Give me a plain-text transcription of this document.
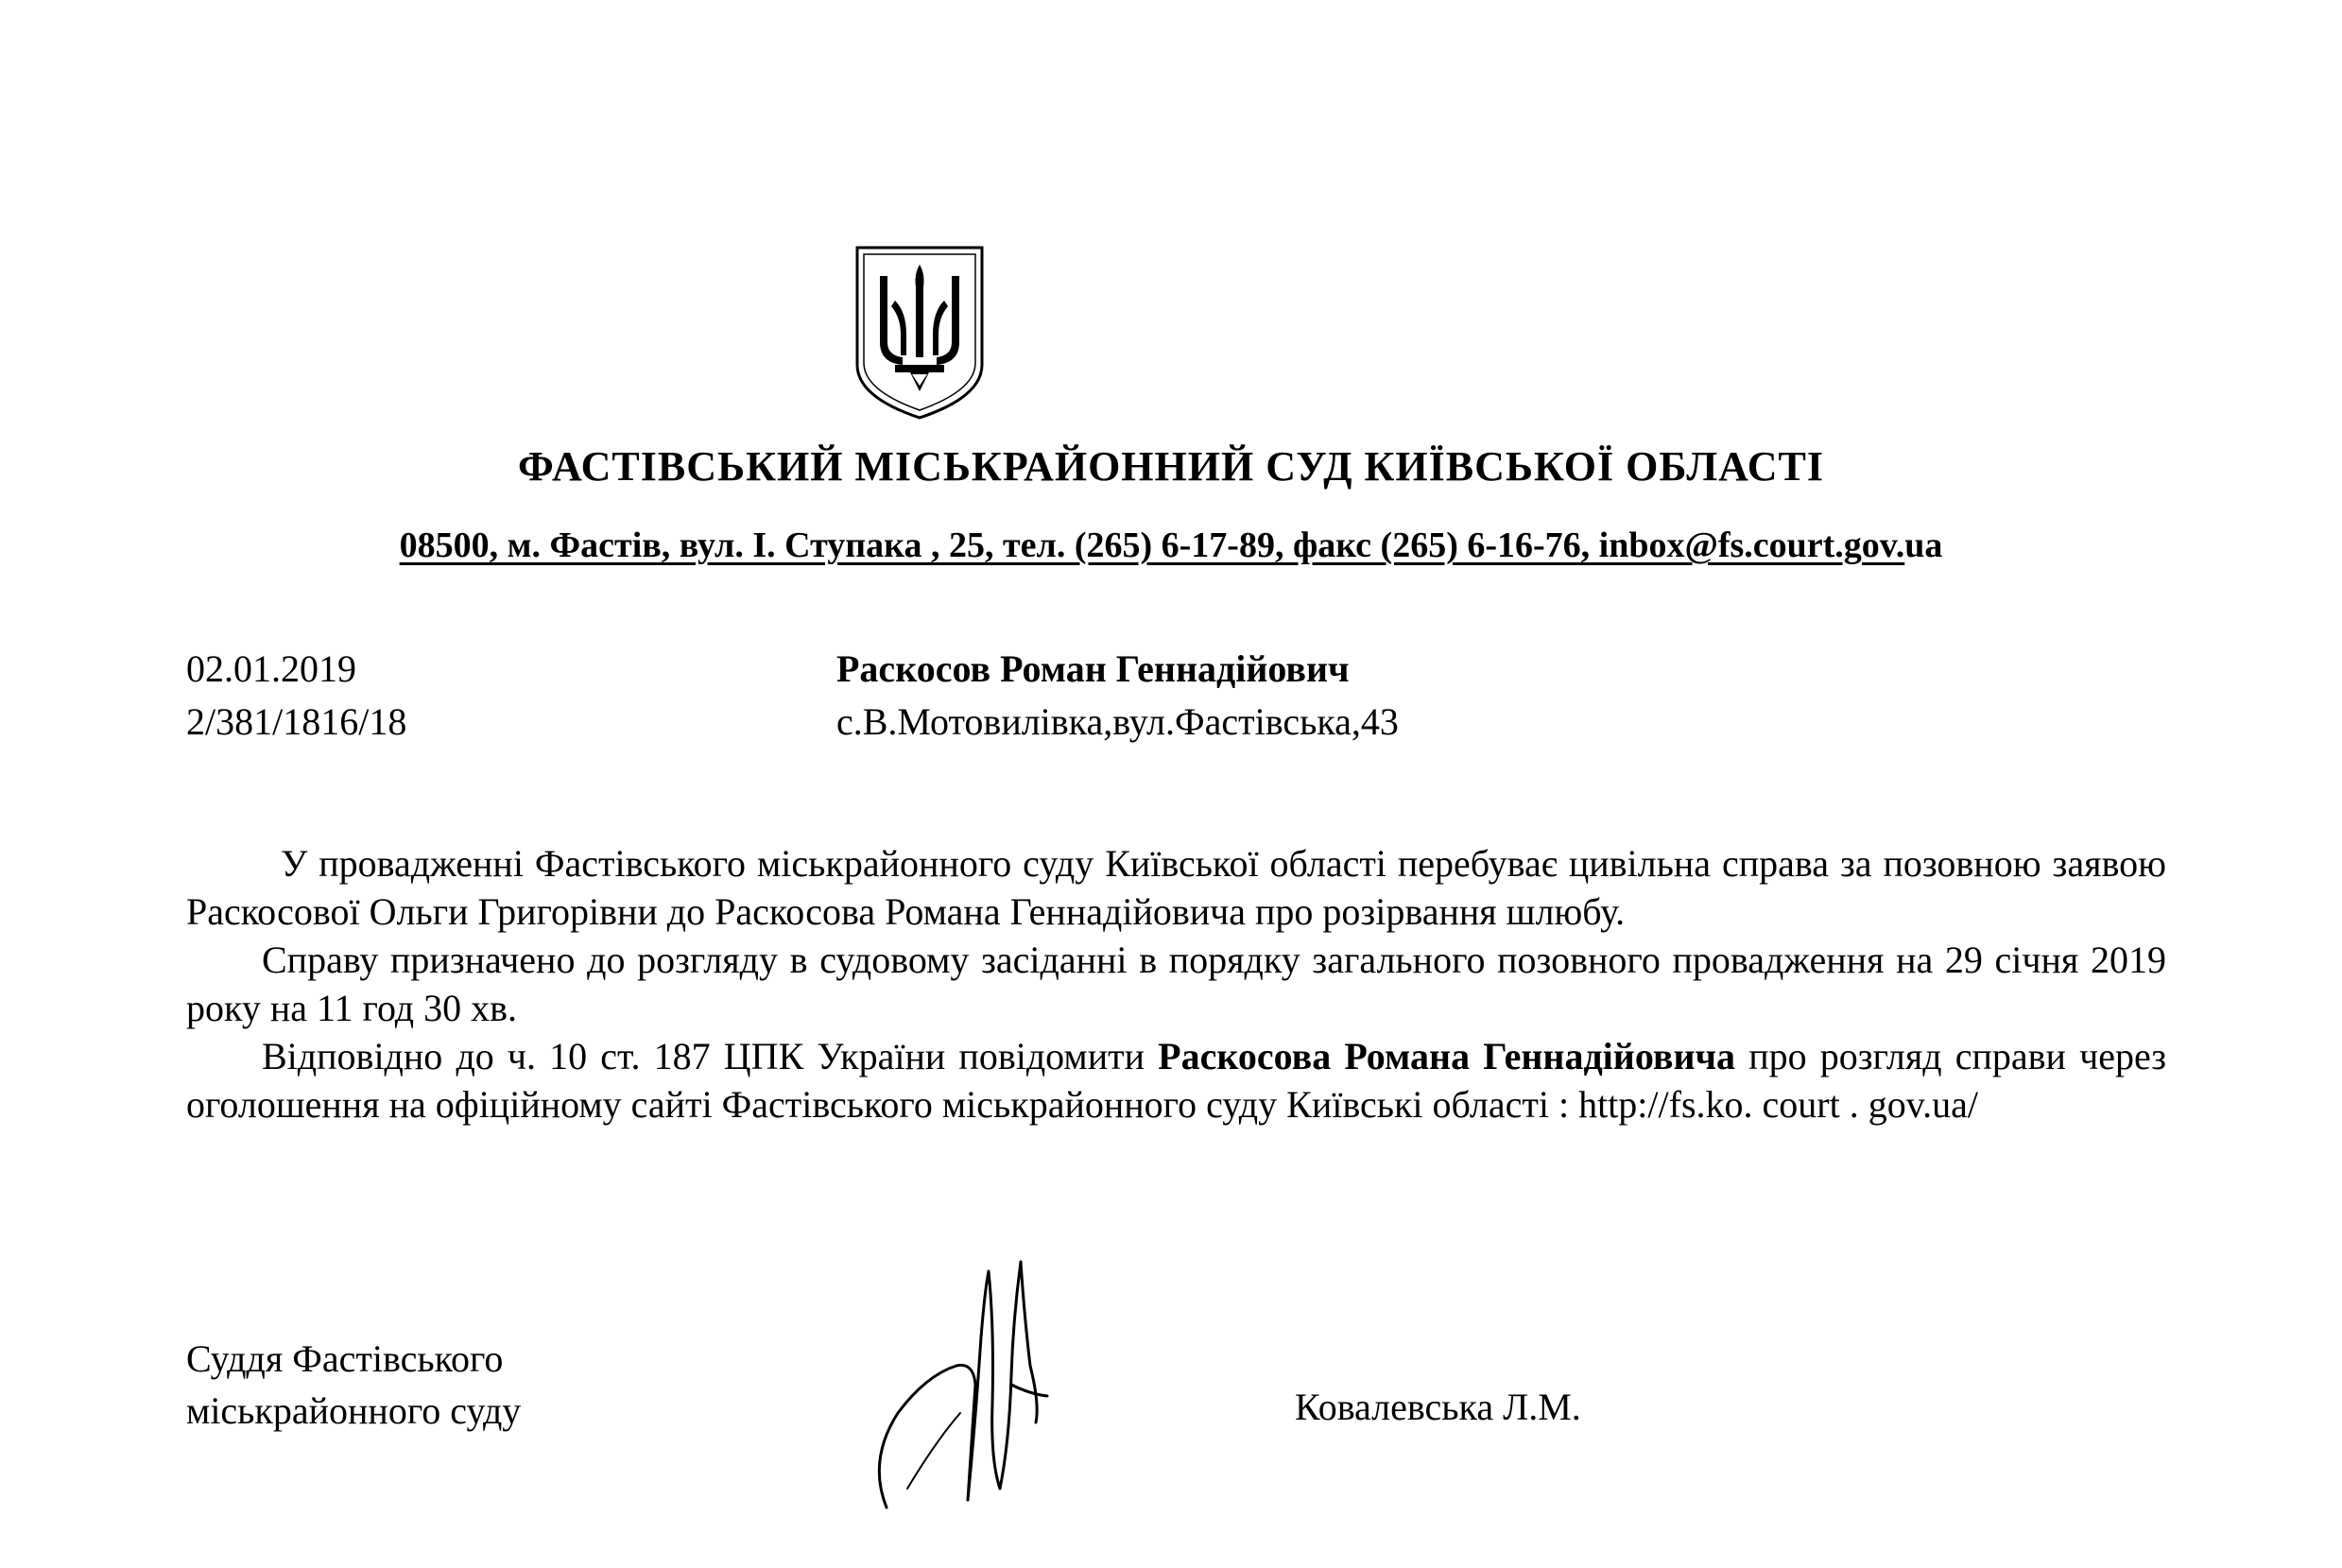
ФАСТІВСЬКИЙ МІСЬКРАЙОННИЙ СУД КИЇВСЬКОЇ ОБЛАСТІ
08500, м. Фастів, вул. І. Ступака , 25, тел. (265) 6-17-89, факс (265) 6-16-76, inbox@fs.court.gov.ua
02.01.2019
2/381/1816/18
Раскосов Роман Геннадійович
с.В.Мотовилівка,вул.Фастівська,43

У провадженні Фастівського міськрайонного суду Київської області перебуває цивільна справа за позовною заявою Раскосової Ольги Григорівни до Раскосова Романа Геннадійовича про розірвання шлюбу.

Справу призначено до розгляду в судовому засіданні в порядку загального позовного провадження на 29 січня 2019 року на 11 год 30 хв.

Відповідно до ч. 10 ст. 187 ЦПК України повідомити Раскосова Романа Геннадійовича про розгляд справи через оголошення на офіційному сайті Фастівського міськрайонного суду Київські області : http://fs.ko. court . gov.ua/

Суддя Фастівського
міськрайонного суду	Ковалевська Л.М.
